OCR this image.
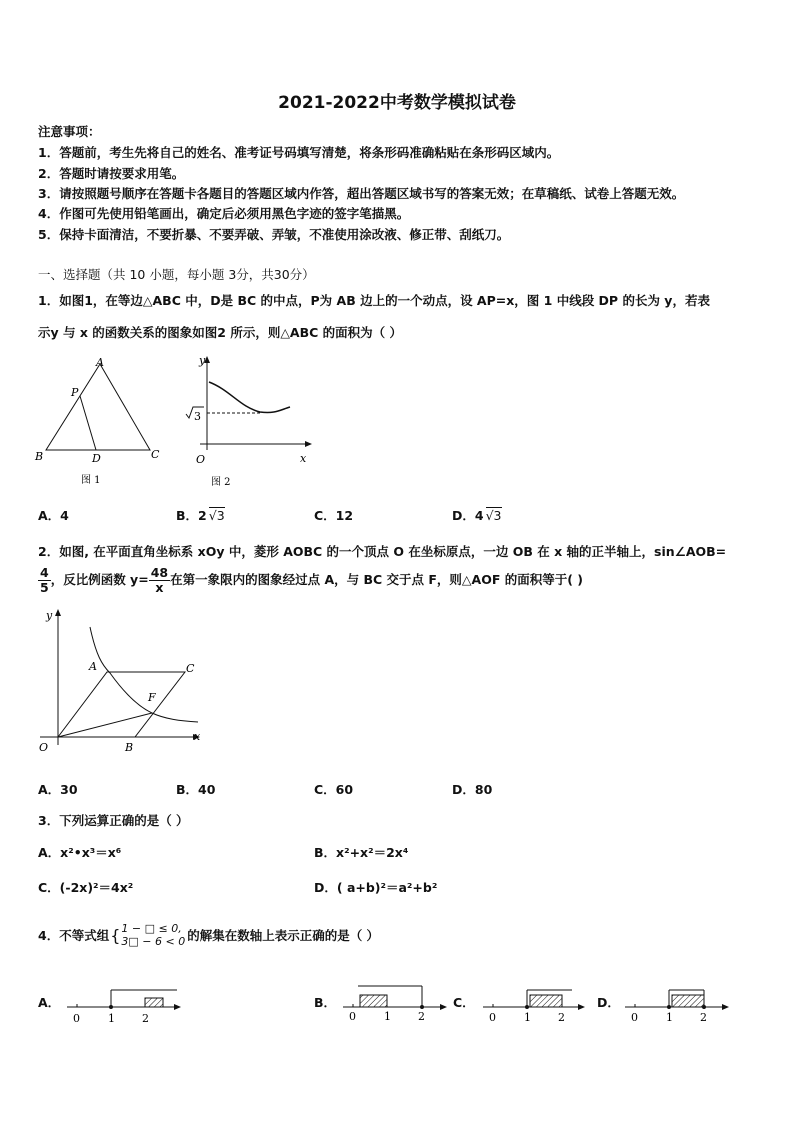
2021-2022中考数学模拟试卷
注意事项：
1．答题前，考生先将自己的姓名、准考证号码填写清楚，将条形码准确粘贴在条形码区域内。
2．答题时请按要求用笔。
3．请按照题号顺序在答题卡各题目的答题区域内作答，超出答题区域书写的答案无效；在草稿纸、试卷上答题无效。
4．作图可先使用铅笔画出，确定后必须用黑色字迹的签字笔描黑。
5．保持卡面清洁，不要折暴、不要弄破、弄皱，不准使用涂改液、修正带、刮纸刀。
一、选择题（共 10 小题，每小题 3分，共30分）
1．如图1，在等边△ABC 中，D是 BC 的中点，P为 AB 边上的一个动点，设 AP=x，图 1 中线段 DP 的长为 y，若表
示y 与 x 的函数关系的图象如图2 所示，则△ABC 的面积为（ ）
A
B	C
D
P
图 1
y
x
O
3
图 2
A．4	B．2 √3	C．12	D．4 √3
2．如图, 在平面直角坐标系 xOy 中，菱形 AOBC 的一个顶点 O 在坐标原点，一边 OB 在 x 轴的正半轴上，sin∠AOB=
$\frac{4}{5}$ ，反比例函数 $y= \frac{48}{x}$ 在第一象限内的图象经过点 A，与 BC 交于点 F，则△AOF 的面积等于( )
y
x
O
A	C
F
B
A．30	B．40	C．60	D．80
3．下列运算正确的是（ ）
A．x²•x³＝x⁶	B．x²+x²＝2x⁴
C．(-2x)²＝4x²	D．( a+b)²＝a²+b²
4．不等式组 { 1 − □ ≤ 0,
3□ − 6 < 0 的解集在数轴上表示正确的是（ ）
A．
0	1 2
B．
0	1 2
C．
0	1 2
D．
0	1 2
